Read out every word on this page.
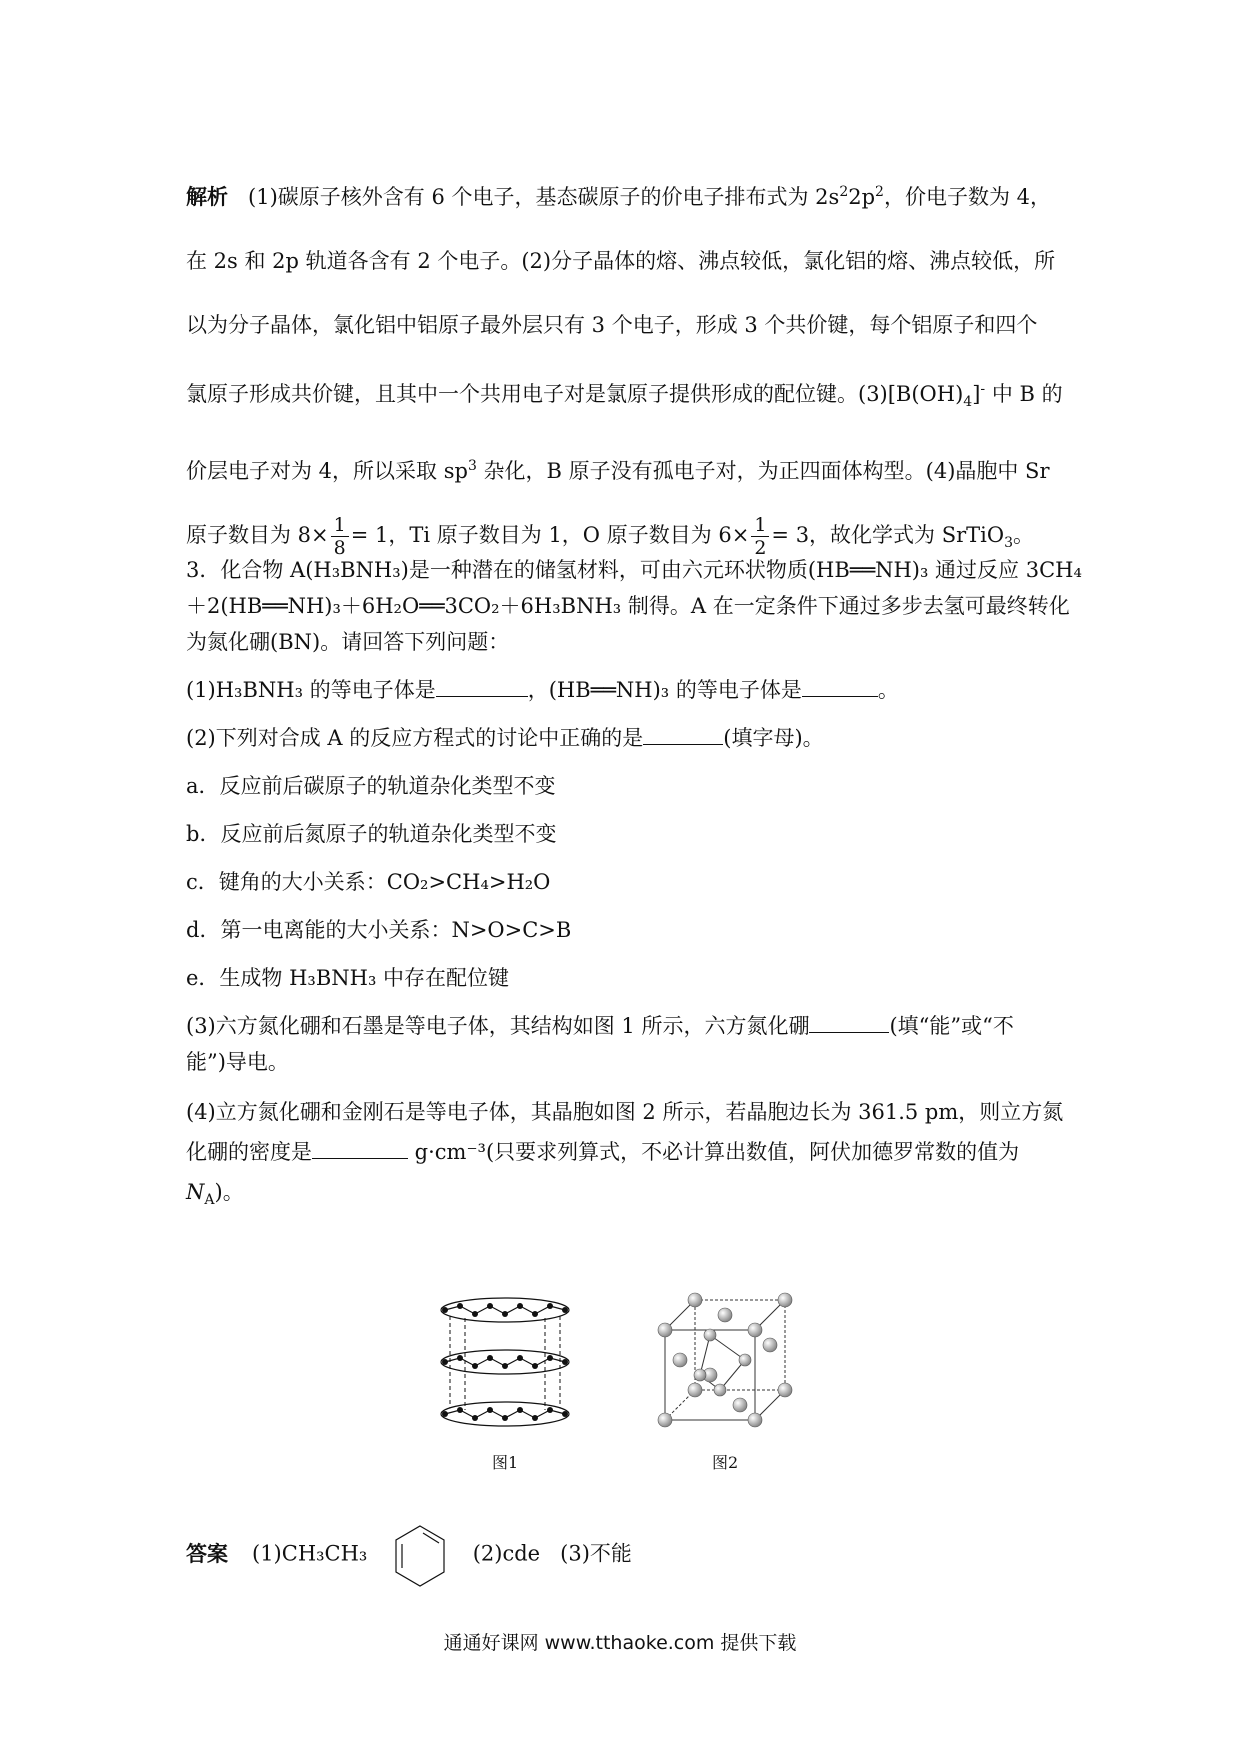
解析 (1)碳原子核外含有 6 个电子，基态碳原子的价电子排布式为 $2s^22p^2$，价电子数为 4，
在 2s 和 2p 轨道各含有 2 个电子。(2)分子晶体的熔、沸点较低，氯化铝的熔、沸点较低，所
以为分子晶体，氯化铝中铝原子最外层只有 3 个电子，形成 3 个共价键，每个铝原子和四个
氯原子形成共价键，且其中一个共用电子对是氯原子提供形成的配位键。$(3)[B(OH)_4]^-$ 中 B 的
价层电子对为 4，所以采取 $sp^3$ 杂化，B 原子没有孤电子对，为正四面体构型。(4)晶胞中 Sr
原子数目为 $8\times \frac{1}{8} = 1$，Ti 原子数目为 1，O 原子数目为 $6\times \frac{1}{2} = 3$，故化学式为 SrTiO$_3$。

3．化合物 A(H₃BNH₃)是一种潜在的储氢材料，可由六元环状物质(HB══NH)₃ 通过反应 3CH₄
＋2(HB══NH)₃＋6H₂O══3CO₂＋6H₃BNH₃ 制得。A 在一定条件下通过多步去氢可最终转化
为氮化硼(BN)。请回答下列问题：

(1)H₃BNH₃ 的等电子体是	，(HB══NH)₃ 的等电子体是	。

(2)下列对合成 A 的反应方程式的讨论中正确的是	(填字母)。

a．反应前后碳原子的轨道杂化类型不变

b．反应前后氮原子的轨道杂化类型不变

c．键角的大小关系：CO₂>CH₄>H₂O

d．第一电离能的大小关系：N>O>C>B

e．生成物 H₃BNH₃ 中存在配位键

(3)六方氮化硼和石墨是等电子体，其结构如图 1 所示，六方氮化硼	(填“能”或“不
能”)导电。

(4)立方氮化硼和金刚石是等电子体，其晶胞如图 2 所示，若晶胞边长为 361.5 pm，则立方氮
化硼的密度是	g·cm⁻³(只要求列算式，不必计算出数值，阿伏加德罗常数的值为
$N_A$)。

图1	图2
答案 (1)CH₃CH₃	(2)cde (3)不能
通通好课网 www.tthaoke.com 提供下载
